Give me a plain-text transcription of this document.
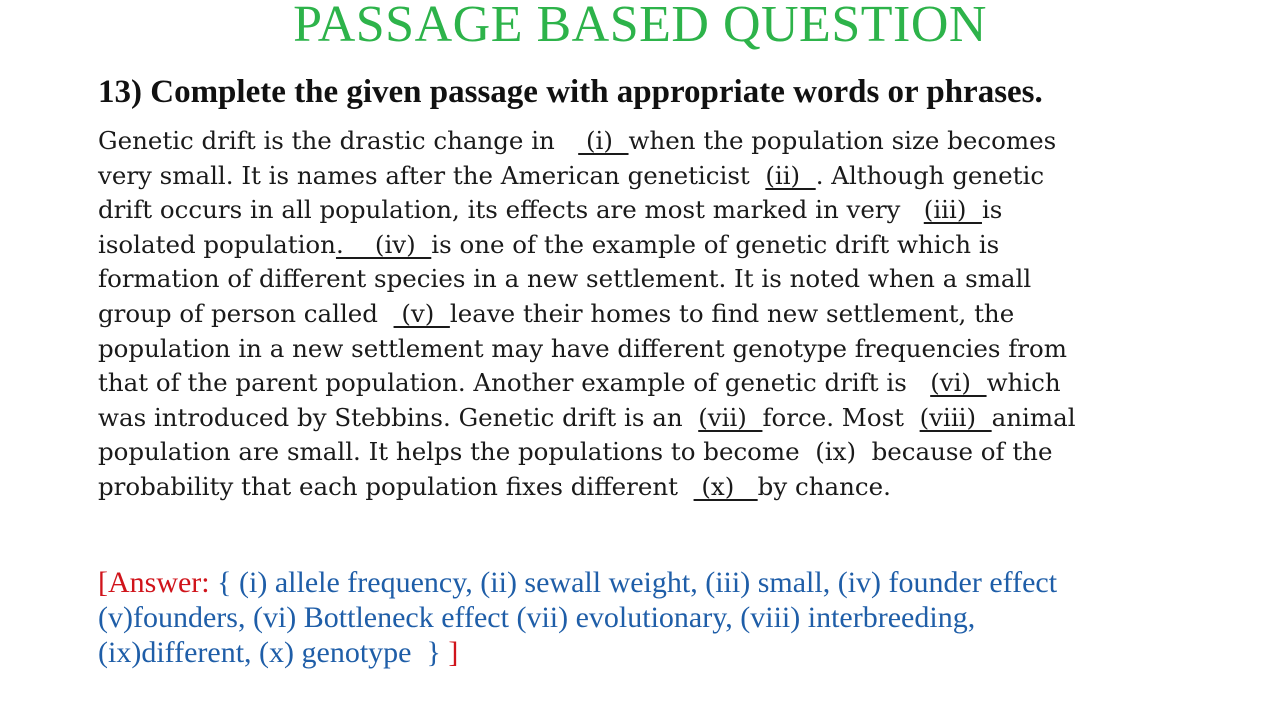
PASSAGE BASED QUESTION
13) Complete the given passage with appropriate words or phrases.
Genetic drift is the drastic change in    (i)  when the population size becomes
very small. It is names after the American geneticist  (ii)  . Although genetic
drift occurs in all population, its effects are most marked in very   (iii)  is
isolated population.    (iv)  is one of the example of genetic drift which is
formation of different species in a new settlement. It is noted when a small
group of person called   (v)  leave their homes to find new settlement, the
population in a new settlement may have different genotype frequencies from
that of the parent population. Another example of genetic drift is   (vi)  which
was introduced by Stebbins. Genetic drift is an  (vii)  force. Most  (viii)  animal
population are small. It helps the populations to become  (ix)  because of the
probability that each population fixes different   (x)   by chance.
[Answer: { (i) allele frequency, (ii) sewall weight, (iii) small, (iv) founder effect
(v)founders, (vi) Bottleneck effect (vii) evolutionary, (viii) interbreeding,
(ix)different, (x) genotype  } ]
